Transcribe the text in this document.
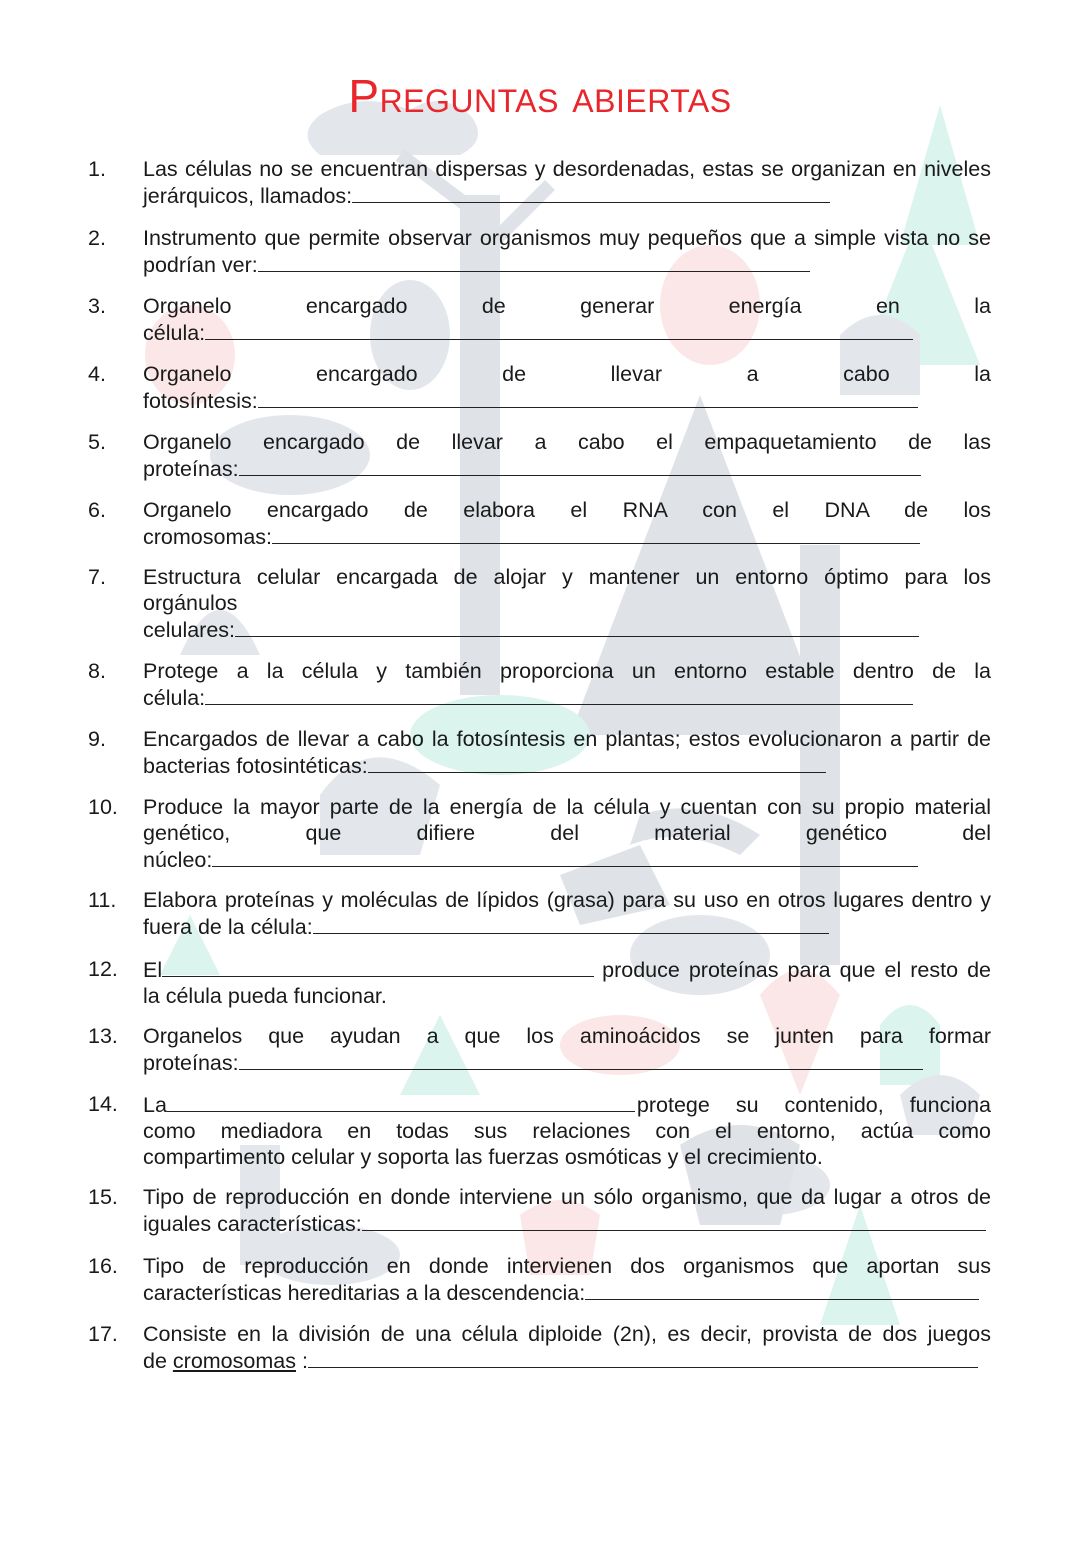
Preguntas abiertas
1.	Las células no se encuentran dispersas y desordenadas, estas se organizan en niveles
jerárquicos, llamados:
2.	Instrumento que permite observar organismos muy pequeños que a simple vista no se
podrían ver:
3.	Organelo encargado de generar energía en la
célula:
4.	Organelo encargado de llevar a cabo la
fotosíntesis:
5.	Organelo encargado de llevar a cabo el empaquetamiento de las
proteínas:
6.	Organelo encargado de elabora el RNA con el DNA de los
cromosomas:
7.	Estructura celular encargada de alojar y mantener un entorno óptimo para los
orgánulos
celulares:
8.	Protege a la célula y también proporciona un entorno estable dentro de la
célula:
9.	Encargados de llevar a cabo la fotosíntesis en plantas; estos evolucionaron a partir de
bacterias fotosintéticas:
10.	Produce la mayor parte de la energía de la célula y cuentan con su propio material
genético, que difiere del material genético del
núcleo:
11.	Elabora proteínas y moléculas de lípidos (grasa) para su uso en otros lugares dentro y
fuera de la célula:
12.	El	produce proteínas para que el resto de
la célula pueda funcionar.
13.	Organelos que ayudan a que los aminoácidos se junten para formar
proteínas:
14.	La	protege su contenido, funciona
como mediadora en todas sus relaciones con el entorno, actúa como
compartimento celular y soporta las fuerzas osmóticas y el crecimiento.
15.	Tipo de reproducción en donde interviene un sólo organismo, que da lugar a otros de
iguales características:
16.	Tipo de reproducción en donde intervienen dos organismos que aportan sus
características hereditarias a la descendencia:
17.	Consiste en la división de una célula diploide (2n), es decir, provista de dos juegos
de cromosomas :
